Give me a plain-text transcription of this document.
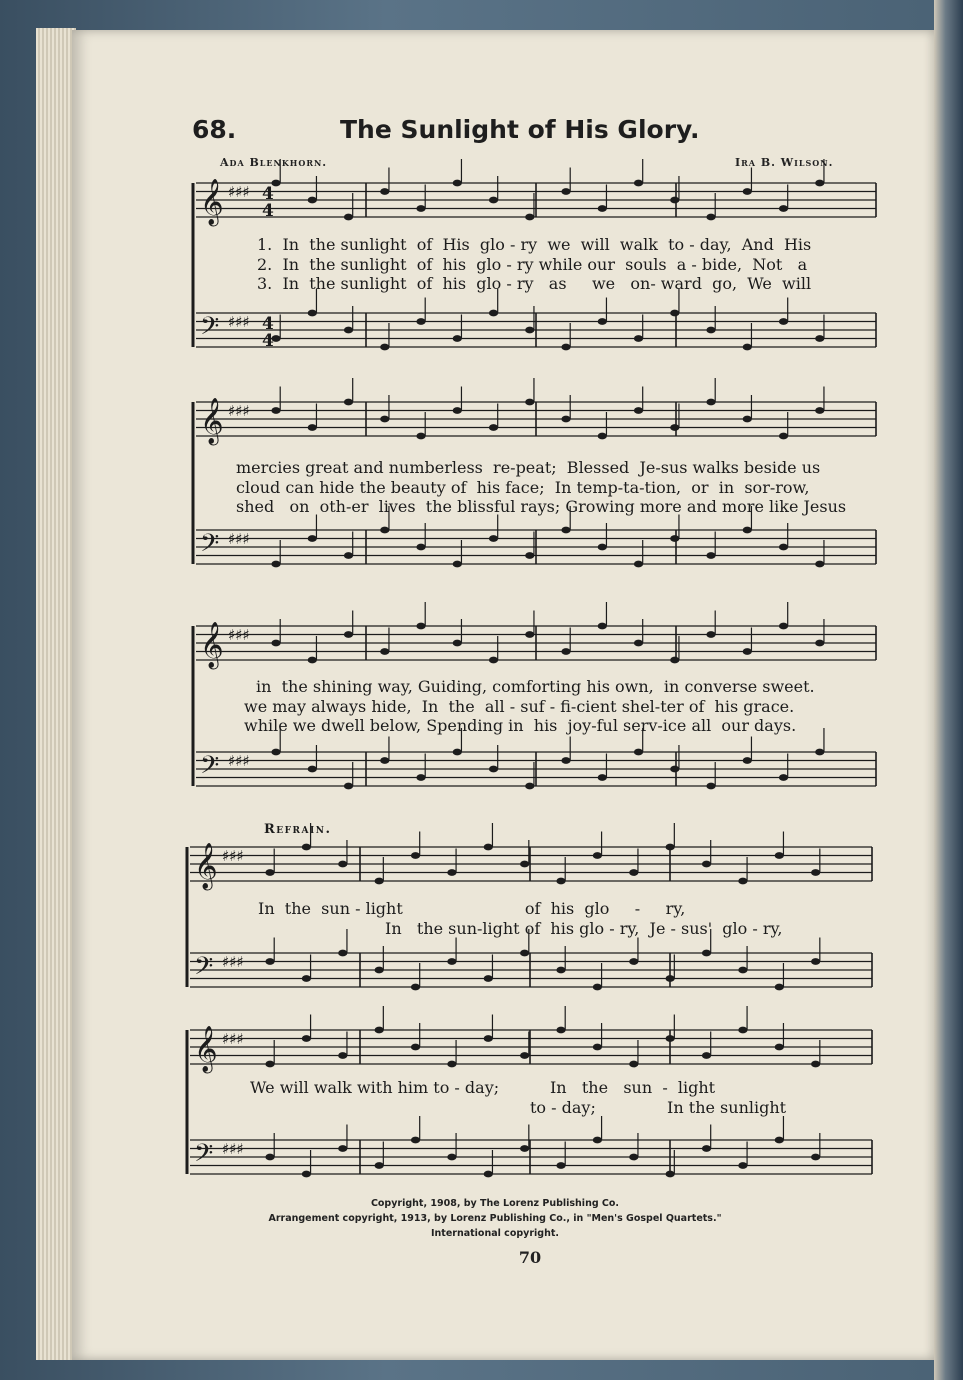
68.	The Sunlight of His Glory.
Ada Blenkhorn.	Ira B. Wilson.
𝄞 ♯♯♯
𝄢 ♯♯♯
𝄞 ♯♯♯
𝄢 ♯♯♯
𝄞 ♯♯♯
𝄢 ♯♯♯
𝄞 ♯♯♯
𝄢 ♯♯♯
𝄞 ♯♯♯
𝄢 ♯♯♯
4
4
4
4
1.  In  the sunlight  of  His  glo - ry  we  will  walk  to - day,  And  His
2.  In  the sunlight  of  his  glo - ry while our  souls  a - bide,  Not   a
3.  In  the sunlight  of  his  glo - ry   as     we   on- ward  go,  We  will
mercies great and numberless  re-peat;  Blessed  Je-sus walks beside us
cloud can hide the beauty of  his face;  In temp-ta-tion,  or  in  sor-row,
shed   on  oth-er  lives  the blissful rays; Growing more and more like Jesus
in  the shining way, Guiding, comforting his own,  in converse sweet.
we may always hide,  In  the  all - suf - fi-cient shel-ter of  his grace.
while we dwell below, Spending in  his  joy-ful serv-ice all  our days.
Refrain.
In  the  sun - light                        of  his  glo     -     ry,
In   the sun-light of  his glo - ry,  Je - sus'  glo - ry,
We will walk with him to - day;          In   the   sun  -  light
to - day;              In the sunlight
Copyright, 1908, by The Lorenz Publishing Co.
Arrangement copyright, 1913, by Lorenz Publishing Co., in "Men's Gospel Quartets."
International copyright.
70
